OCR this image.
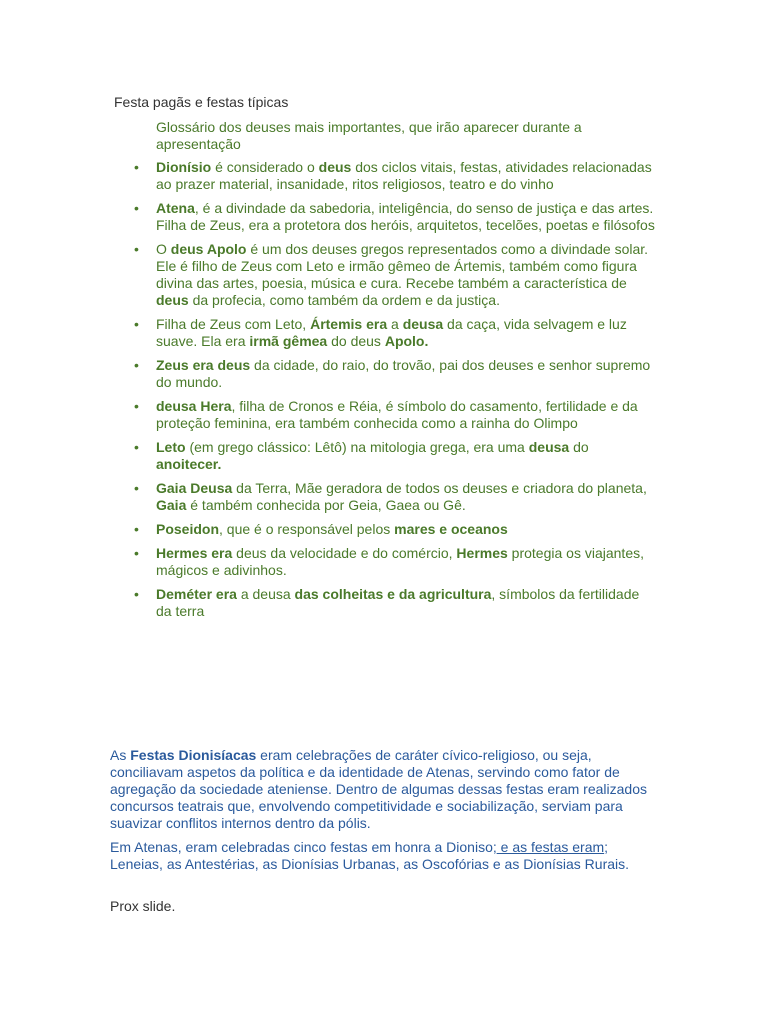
Festa pagãs e festas típicas

Glossário dos deuses mais importantes, que irão aparecer durante a apresentação

• Dionísio é considerado o deus dos ciclos vitais, festas, atividades relacionadas ao prazer material, insanidade, ritos religiosos, teatro e do vinho
• Atena, é a divindade da sabedoria, inteligência, do senso de justiça e das artes. Filha de Zeus, era a protetora dos heróis, arquitetos, tecelões, poetas e filósofos
• O deus Apolo é um dos deuses gregos representados como a divindade solar. Ele é filho de Zeus com Leto e irmão gêmeo de Ártemis, também como figura divina das artes, poesia, música e cura. Recebe também a característica de deus da profecia, como também da ordem e da justiça.
• Filha de Zeus com Leto, Ártemis era a deusa da caça, vida selvagem e luz suave. Ela era irmã gêmea do deus Apolo.
• Zeus era deus da cidade, do raio, do trovão, pai dos deuses e senhor supremo do mundo.
• deusa Hera, filha de Cronos e Réia, é símbolo do casamento, fertilidade e da proteção feminina, era também conhecida como a rainha do Olimpo
• Leto (em grego clássico: Lêtô) na mitologia grega, era uma deusa do anoitecer.
• Gaia Deusa da Terra, Mãe geradora de todos os deuses e criadora do planeta, Gaia é também conhecida por Geia, Gaea ou Gê.
• Poseidon, que é o responsável pelos mares e oceanos
• Hermes era deus da velocidade e do comércio, Hermes protegia os viajantes, mágicos e adivinhos.
• Deméter era a deusa das colheitas e da agricultura, símbolos da fertilidade da terra

As Festas Dionisíacas eram celebrações de caráter cívico-religioso, ou seja, conciliavam aspetos da política e da identidade de Atenas, servindo como fator de agregação da sociedade ateniense. Dentro de algumas dessas festas eram realizados concursos teatrais que, envolvendo competitividade e sociabilização, serviam para suavizar conflitos internos dentro da pólis.

Em Atenas, eram celebradas cinco festas em honra a Dioniso; e as festas eram; Leneias, as Antestérias, as Dionísias Urbanas, as Oscofórias e as Dionísias Rurais.

Prox slide.
